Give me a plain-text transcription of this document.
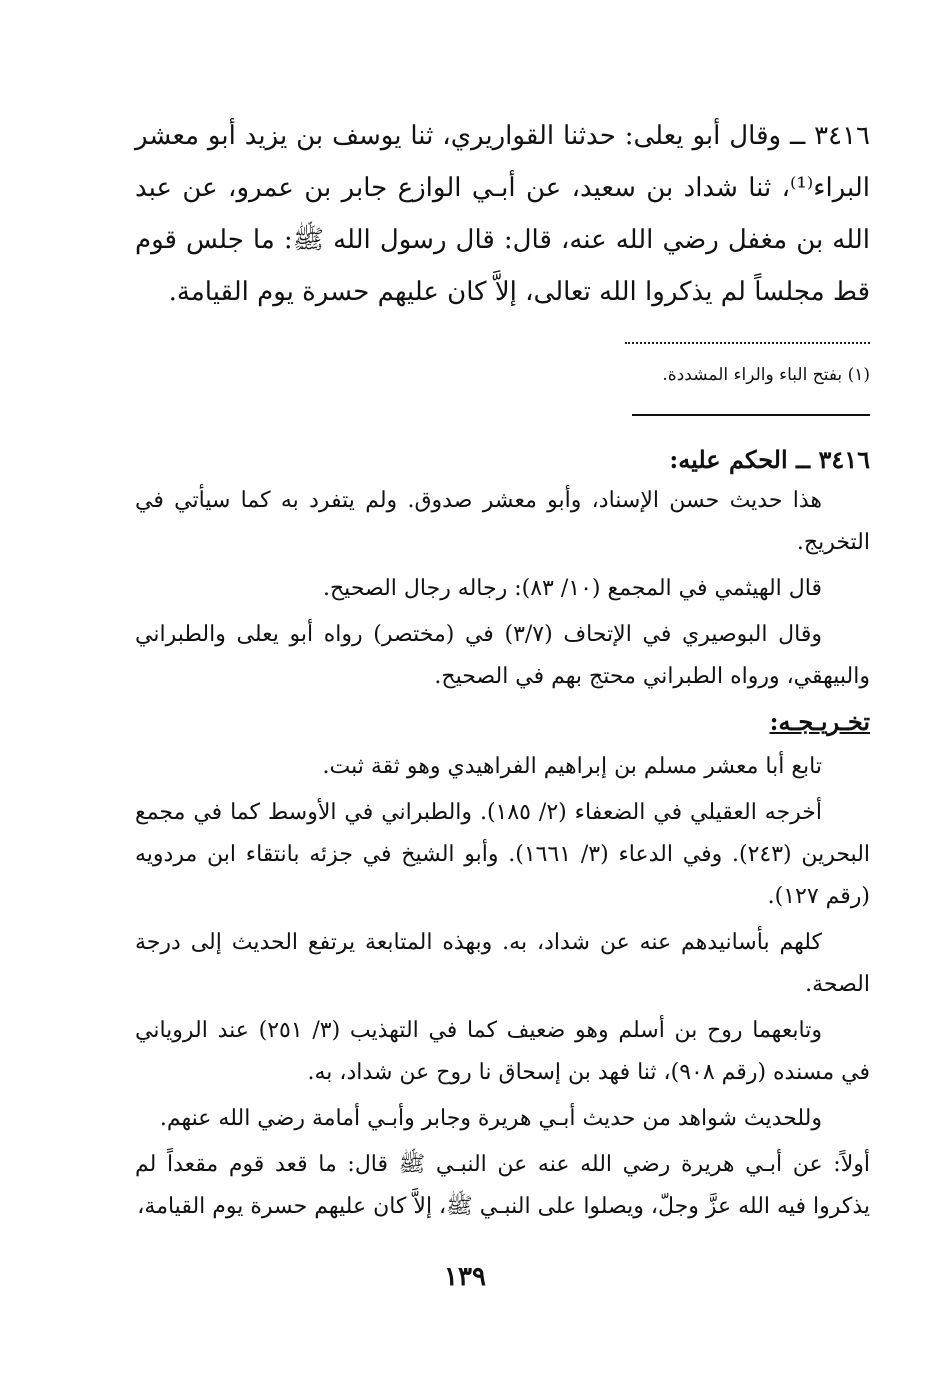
٣٤١٦ ــ وقال أبو يعلى: حدثنا القواريري، ثنا يوسف بن يزيد أبو معشر البراء⁽¹⁾، ثنا شداد بن سعيد، عن أبـي الوازع جابر بن عمرو، عن عبد الله بن مغفل رضي الله عنه، قال: قال رسول الله ﷺ: ما جلس قوم قط مجلساً لم يذكروا الله تعالى، إلاَّ كان عليهم حسرة يوم القيامة.

(١) بفتح الباء والراء المشددة.
٣٤١٦ ــ الحكم عليه:

هذا حديث حسن الإسناد، وأبو معشر صدوق. ولم يتفرد به كما سيأتي في التخريج.

قال الهيثمي في المجمع (١٠/ ٨٣): رجاله رجال الصحيح.

وقال البوصيري في الإتحاف (٣/٧) في (مختصر) رواه أبو يعلى والطبراني والبيهقي، ورواه الطبراني محتج بهم في الصحيح.

تخـريـجـه:

تابع أبا معشر مسلم بن إبراهيم الفراهيدي وهو ثقة ثبت.

أخرجه العقيلي في الضعفاء (٢/ ١٨٥). والطبراني في الأوسط كما في مجمع البحرين (٢٤٣). وفي الدعاء (٣/ ١٦٦١). وأبو الشيخ في جزئه بانتقاء ابن مردويه (رقم ١٢٧).

كلهم بأسانيدهم عنه عن شداد، به. وبهذه المتابعة يرتفع الحديث إلى درجة الصحة.

وتابعهما روح بن أسلم وهو ضعيف كما في التهذيب (٣/ ٢٥١) عند الروياني في مسنده (رقم ٩٠٨)، ثنا فهد بن إسحاق نا روح عن شداد، به.

وللحديث شواهد من حديث أبـي هريرة وجابر وأبـي أمامة رضي الله عنهم.

أولاً: عن أبـي هريرة رضي الله عنه عن النبـي ﷺ قال: ما قعد قوم مقعداً لم يذكروا فيه الله عزَّ وجلّ، ويصلوا على النبـي ﷺ، إلاَّ كان عليهم حسرة يوم القيامة،

١٣٩
